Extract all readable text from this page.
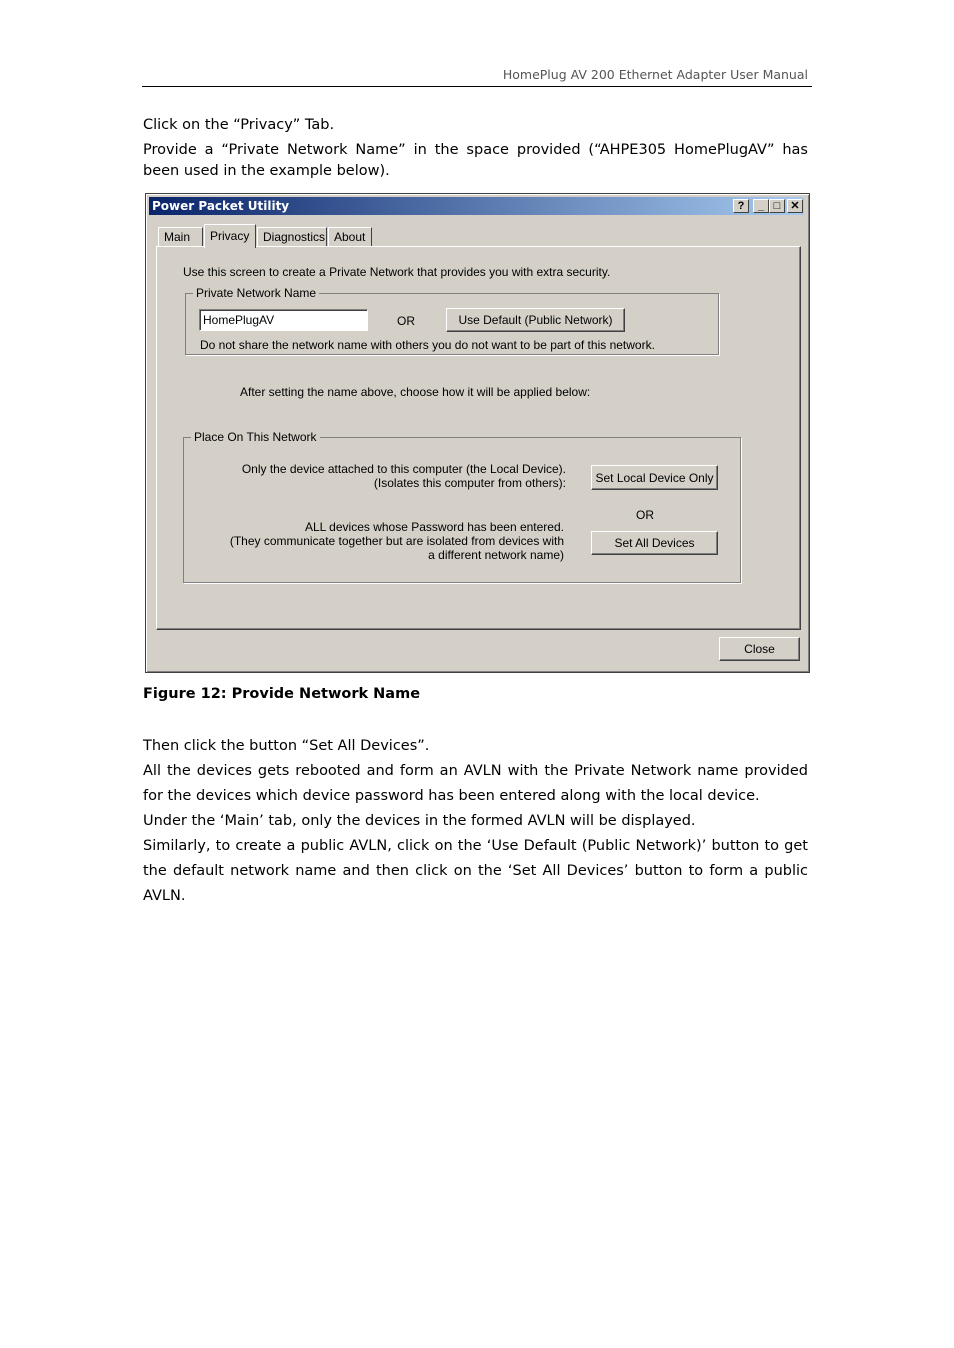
HomePlug AV 200 Ethernet Adapter User Manual
Click on the “Privacy” Tab.
Provide a “Private Network Name” in the space provided (“AHPE305 HomePlugAV” has been used in the example below).
Power Packet Utility	?	_ □ ✕
Main	Privacy	Diagnostics About
Use this screen to create a Private Network that provides you with extra security.
Private Network Name
HomePlugAV
OR	Use Default (Public Network)
Do not share the network name with others you do not want to be part of this network.
After setting the name above, choose how it will be applied below:
Place On This Network
Only the device attached to this computer (the Local Device).
(Isolates this computer from others):	Set Local Device Only
OR
ALL devices whose Password has been entered.
(They communicate together but are isolated from devices with
a different network name)
Set All Devices
Close
Figure 12: Provide Network Name
Then click the button “Set All Devices”.
All the devices gets rebooted and form an AVLN with the Private Network name provided for the devices which device password has been entered along with the local device.
Under the ‘Main’ tab, only the devices in the formed AVLN will be displayed.
Similarly, to create a public AVLN, click on the ‘Use Default (Public Network)’ button to get the default network name and then click on the ‘Set All Devices’ button to form a public AVLN.
